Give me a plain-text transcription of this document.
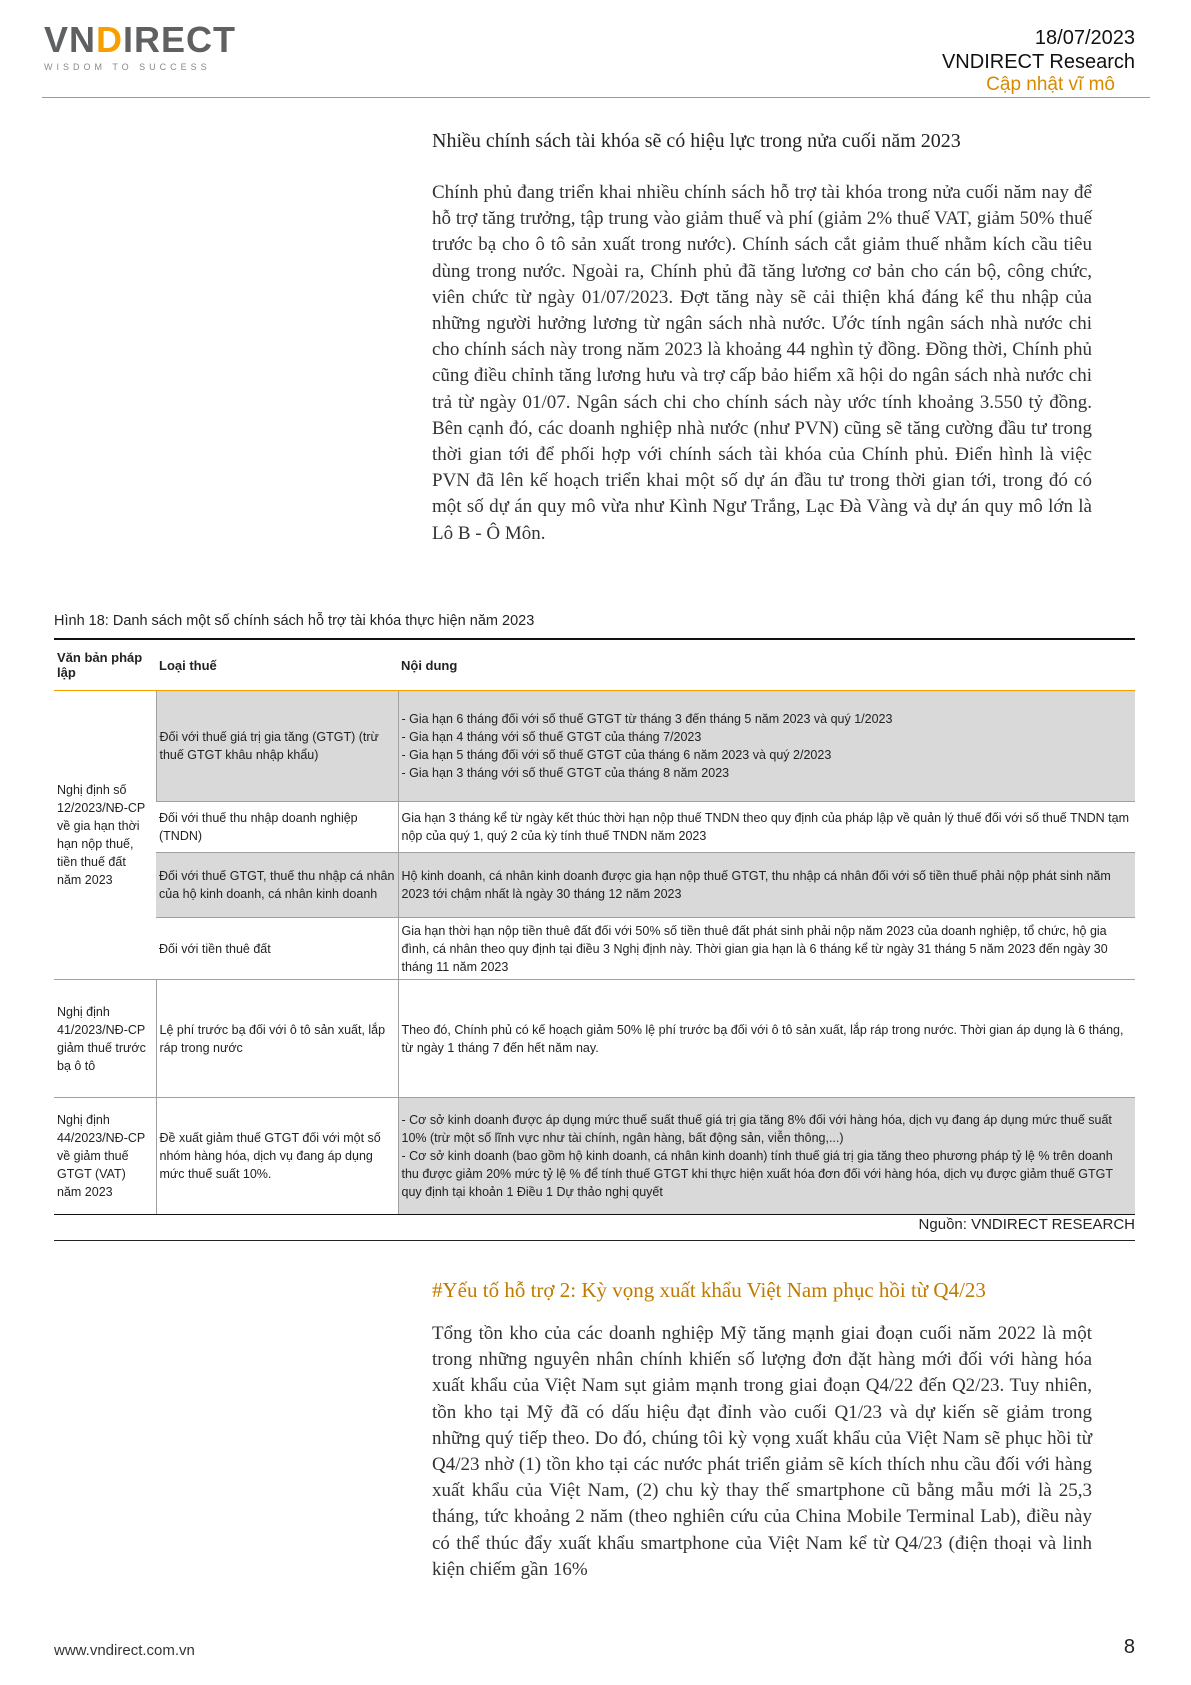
VNDIRECT
WISDOM TO SUCCESS
18/07/2023
VNDIRECT Research
Cập nhật vĩ mô
Nhiều chính sách tài khóa sẽ có hiệu lực trong nửa cuối năm 2023
Chính phủ đang triển khai nhiều chính sách hỗ trợ tài khóa trong nửa cuối năm nay để hỗ trợ tăng trưởng, tập trung vào giảm thuế và phí (giảm 2% thuế VAT, giảm 50% thuế trước bạ cho ô tô sản xuất trong nước). Chính sách cắt giảm thuế nhằm kích cầu tiêu dùng trong nước. Ngoài ra, Chính phủ đã tăng lương cơ bản cho cán bộ, công chức, viên chức từ ngày 01/07/2023. Đợt tăng này sẽ cải thiện khá đáng kể thu nhập của những người hưởng lương từ ngân sách nhà nước. Ước tính ngân sách nhà nước chi cho chính sách này trong năm 2023 là khoảng 44 nghìn tỷ đồng. Đồng thời, Chính phủ cũng điều chỉnh tăng lương hưu và trợ cấp bảo hiểm xã hội do ngân sách nhà nước chi trả từ ngày 01/07. Ngân sách chi cho chính sách này ước tính khoảng 3.550 tỷ đồng. Bên cạnh đó, các doanh nghiệp nhà nước (như PVN) cũng sẽ tăng cường đầu tư trong thời gian tới để phối hợp với chính sách tài khóa của Chính phủ. Điển hình là việc PVN đã lên kế hoạch triển khai một số dự án đầu tư trong thời gian tới, trong đó có một số dự án quy mô vừa như Kình Ngư Trắng, Lạc Đà Vàng và dự án quy mô lớn là Lô B - Ô Môn.
Hình 18: Danh sách một số chính sách hỗ trợ tài khóa thực hiện năm 2023
Văn bản pháp lập	Loại thuế	Nội dung
Nghị định số 12/2023/NĐ-CP về gia hạn thời hạn nộp thuế, tiền thuế đất năm 2023	Đối với thuế giá trị gia tăng (GTGT) (trừ thuế GTGT khâu nhập khẩu)	- Gia hạn 6 tháng đối với số thuế GTGT từ tháng 3 đến tháng 5 năm 2023 và quý 1/2023
- Gia hạn 4 tháng với số thuế GTGT của tháng 7/2023
- Gia hạn 5 tháng đối với số thuế GTGT của tháng 6 năm 2023 và quý 2/2023
- Gia hạn 3 tháng với số thuế GTGT của tháng 8 năm 2023

	Đối với thuế thu nhập doanh nghiệp (TNDN)	Gia hạn 3 tháng kể từ ngày kết thúc thời hạn nộp thuế TNDN theo quy định của pháp lập về quản lý thuế đối với số thuế TNDN tạm nộp của quý 1, quý 2 của kỳ tính thuế TNDN năm 2023
	Đối với thuế GTGT, thuế thu nhập cá nhân của hộ kinh doanh, cá nhân kinh doanh	Hộ kinh doanh, cá nhân kinh doanh được gia hạn nộp thuế GTGT, thu nhập cá nhân đối với số tiền thuế phải nộp phát sinh năm 2023 tới chậm nhất là ngày 30 tháng 12 năm 2023
	Đối với tiền thuê đất	Gia hạn thời hạn nộp tiền thuê đất đối với 50% số tiền thuê đất phát sinh phải nộp năm 2023 của doanh nghiệp, tổ chức, hộ gia đình, cá nhân theo quy định tại điều 3 Nghị định này. Thời gian gia hạn là 6 tháng kể từ ngày 31 tháng 5 năm 2023 đến ngày 30 tháng 11 năm 2023
Nghị định 41/2023/NĐ-CP giảm thuế trước bạ ô tô	Lệ phí trước bạ đối với ô tô sản xuất, lắp ráp trong nước	Theo đó, Chính phủ có kế hoạch giảm 50% lệ phí trước bạ đối với ô tô sản xuất, lắp ráp trong nước. Thời gian áp dụng là 6 tháng, từ ngày 1 tháng 7 đến hết năm nay.
Nghị định 44/2023/NĐ-CP về giảm thuế GTGT (VAT) năm 2023	Đề xuất giảm thuế GTGT đối với một số nhóm hàng hóa, dịch vụ đang áp dụng mức thuế suất 10%.	- Cơ sở kinh doanh được áp dụng mức thuế suất thuế giá trị gia tăng 8% đối với hàng hóa, dịch vụ đang áp dụng mức thuế suất 10% (trừ một số lĩnh vực như tài chính, ngân hàng, bất động sản, viễn thông,...)
- Cơ sở kinh doanh (bao gồm hộ kinh doanh, cá nhân kinh doanh) tính thuế giá trị gia tăng theo phương pháp tỷ lệ % trên doanh thu được giảm 20% mức tỷ lệ % để tính thuế GTGT khi thực hiện xuất hóa đơn đối với hàng hóa, dịch vụ được giảm thuế GTGT quy định tại khoản 1 Điều 1 Dự thảo nghị quyết
Nguồn: VNDIRECT RESEARCH
#Yếu tố hỗ trợ 2: Kỳ vọng xuất khẩu Việt Nam phục hồi từ Q4/23
Tổng tồn kho của các doanh nghiệp Mỹ tăng mạnh giai đoạn cuối năm 2022 là một trong những nguyên nhân chính khiến số lượng đơn đặt hàng mới đối với hàng hóa xuất khẩu của Việt Nam sụt giảm mạnh trong giai đoạn Q4/22 đến Q2/23. Tuy nhiên, tồn kho tại Mỹ đã có dấu hiệu đạt đỉnh vào cuối Q1/23 và dự kiến sẽ giảm trong những quý tiếp theo. Do đó, chúng tôi kỳ vọng xuất khẩu của Việt Nam sẽ phục hồi từ Q4/23 nhờ (1) tồn kho tại các nước phát triển giảm sẽ kích thích nhu cầu đối với hàng xuất khẩu của Việt Nam, (2) chu kỳ thay thế smartphone cũ bằng mẫu mới là 25,3 tháng, tức khoảng 2 năm (theo nghiên cứu của China Mobile Terminal Lab), điều này có thể thúc đẩy xuất khẩu smartphone của Việt Nam kể từ Q4/23 (điện thoại và linh kiện chiếm gần 16%
www.vndirect.com.vn	8
